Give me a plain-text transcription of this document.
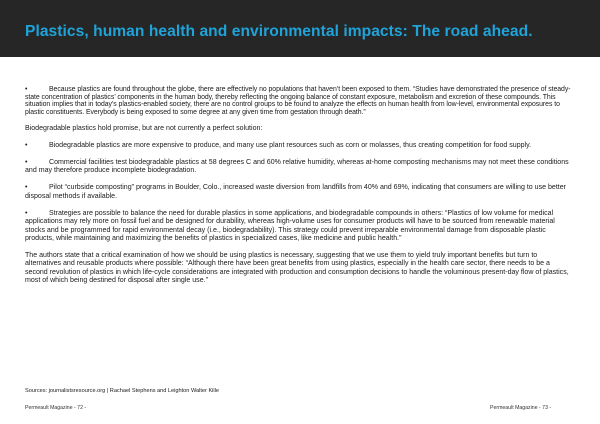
Plastics, human health and environmental impacts: The road ahead.

•	Because plastics are found throughout the globe, there are effectively no populations that haven’t been exposed to them. “Studies have demonstrated the presence of steady-state concentration of plastics’ components in the human body, thereby reflecting the ongoing balance of constant exposure, metabolism and excretion of these compounds. This situation implies that in today’s plastics-enabled society, there are no control groups to be found to analyze the effects on human health from low-level, environmental exposures to plastic constituents. Everybody is being exposed to some degree at any given time from gestation through death.”

Biodegradable plastics hold promise, but are not currently a perfect solution:

•	Biodegradable plastics are more expensive to produce, and many use plant resources such as corn or molasses, thus creating competition for food supply.

•	Commercial facilities test biodegradable plastics at 58 degrees C and 60% relative humidity, whereas at-home composting mechanisms may not meet these conditions and may therefore produce incomplete biodegradation.

•	Pilot “curbside composting” programs in Boulder, Colo., increased waste diversion from landfills from 40% and 69%, indicating that consumers are willing to use better disposal methods if available.

•	Strategies are possible to balance the need for durable plastics in some applications, and biodegradable compounds in others: “Plastics of low volume for medical applications may rely more on fossil fuel and be designed for durability, whereas high-volume uses for consumer products will have to be sourced from renewable material stocks and be programmed for rapid environmental decay (i.e., biodegradability). This strategy could prevent irreparable environmental damage from disposable plastic products, while maintaining and maximizing the benefits of plastics in specialized cases, like medicine and public health.”

The authors state that a critical examination of how we should be using plastics is necessary, suggesting that we use them to yield truly important benefits but turn to alternatives and reusable products where possible: “Although there have been great benefits from using plastics, especially in the health care sector, there needs to be a second revolution of plastics in which life-cycle considerations are integrated with production and consumption decisions to handle the voluminous present-day flow of plastics, most of which being destined for disposal after single use.”

Sources: journalistsresource.org | Rachael Stephens and Leighton Walter Kille
Permeault Magazine - 72 -	Permeault Magazine - 73 -
